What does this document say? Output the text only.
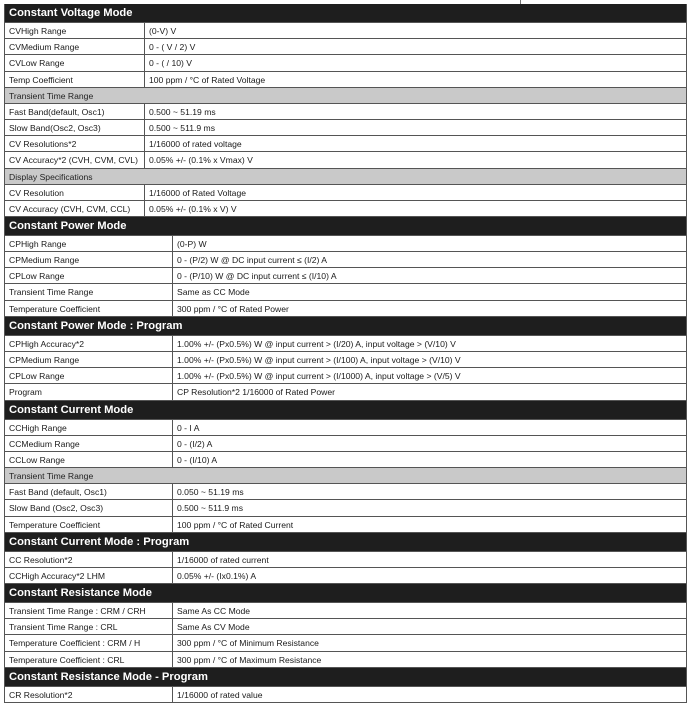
Constant Voltage Mode
CVHigh Range	(0-V) V
CVMedium Range	0 - ( V / 2) V
CVLow Range	0 - ( / 10) V
Temp Coefficient	100 ppm / °C of Rated Voltage
Transient Time Range
Fast Band(default, Osc1)	0.500 ~ 51.19 ms
Slow Band(Osc2, Osc3)	0.500 ~ 511.9 ms
CV Resolutions*2	1/16000 of rated voltage
CV Accuracy*2 (CVH, CVM, CVL)	0.05% +/- (0.1% x Vmax) V
Display Specifications
CV Resolution	1/16000 of Rated Voltage
CV Accuracy (CVH, CVM, CCL)	0.05% +/- (0.1% x V) V
Constant Power Mode
CPHigh Range	(0-P) W
CPMedium Range	0 - (P/2) W @ DC input current ≤ (I/2) A
CPLow Range	0 - (P/10) W @ DC input current ≤ (I/10) A
Transient Time Range	Same as CC Mode
Temperature Coefficient	300 ppm / °C of Rated Power
Constant Power Mode : Program
CPHigh Accuracy*2	1.00% +/- (Px0.5%) W @ input current > (I/20) A, input voltage > (V/10) V
CPMedium Range	1.00% +/- (Px0.5%) W @ input current > (I/100) A, input voltage > (V/10) V
CPLow Range	1.00% +/- (Px0.5%) W @ input current > (I/1000) A, input voltage > (V/5) V
Program	CP Resolution*2 1/16000 of Rated Power
Constant Current Mode
CCHigh Range	0 - I A
CCMedium Range	0 - (I/2) A
CCLow Range	0 - (I/10) A
Transient Time Range
Fast Band (default, Osc1)	0.050 ~ 51.19 ms
Slow Band (Osc2, Osc3)	0.500 ~ 511.9 ms
Temperature Coefficient	100 ppm / °C of Rated Current
Constant Current Mode : Program
CC Resolution*2	1/16000 of rated current
CCHigh Accuracy*2 LHM	0.05% +/- (Ix0.1%) A
Constant Resistance Mode
Transient Time Range : CRM / CRH	Same As CC Mode
Transient Time Range : CRL	Same As CV Mode
Temperature Coefficient : CRM / H	300 ppm / °C of Minimum Resistance
Temperature Coefficient : CRL	300 ppm / °C of Maximum Resistance
Constant Resistance Mode - Program
CR Resolution*2	1/16000 of rated value
